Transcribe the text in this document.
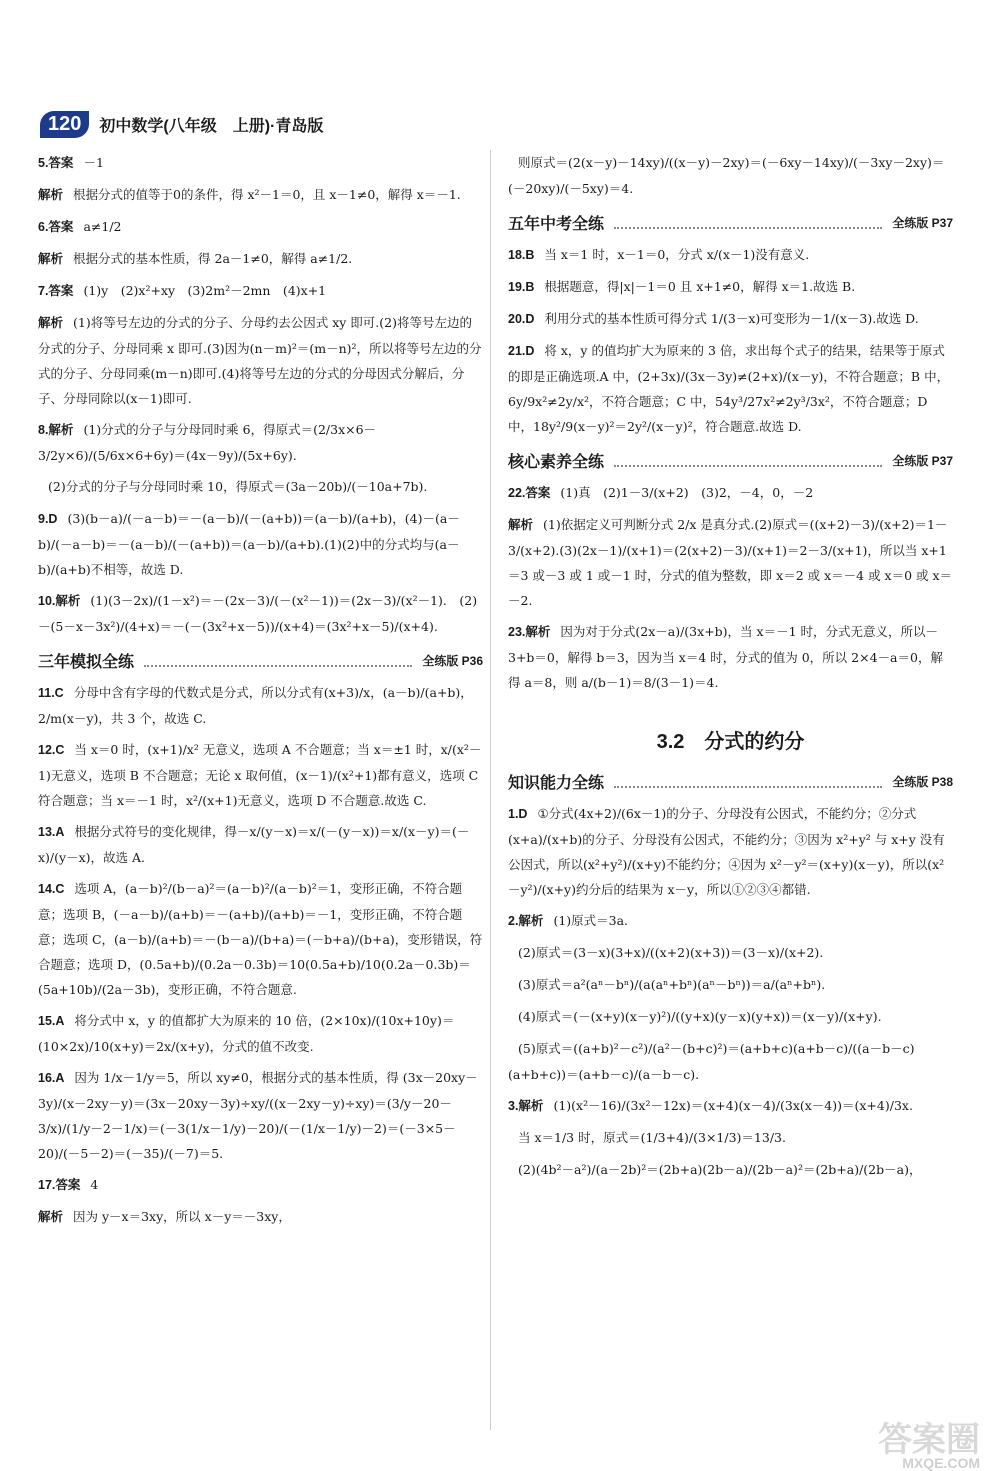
120	初中数学(八年级　上册)·青岛版
5.答案 －1
解析 根据分式的值等于0的条件，得 x²－1＝0，且 x－1≠0，解得 x＝－1.
6.答案 a≠1/2
解析 根据分式的基本性质，得 2a－1≠0，解得 a≠1/2.
7.答案 (1)y　(2)x²+xy　(3)2m²－2mn　(4)x+1
解析 (1)将等号左边的分式的分子、分母约去公因式 xy 即可.(2)将等号左边的分式的分子、分母同乘 x 即可.(3)因为(n－m)²＝(m－n)²，所以将等号左边的分式的分子、分母同乘(m－n)即可.(4)将等号左边的分式的分母因式分解后，分子、分母同除以(x－1)即可.
8.解析 (1)分式的分子与分母同时乘 6，得原式＝(2/3x×6－3/2y×6)/(5/6x×6+6y)＝(4x－9y)/(5x+6y).
(2)分式的分子与分母同时乘 10，得原式＝(3a－20b)/(－10a+7b).
9.D (3)(b－a)/(－a－b)＝－(a－b)/(－(a+b))＝(a－b)/(a+b)，(4)－(a－b)/(－a－b)＝－(a－b)/(－(a+b))＝(a－b)/(a+b).(1)(2)中的分式均与(a－b)/(a+b)不相等，故选 D.
10.解析 (1)(3－2x)/(1－x²)＝－(2x－3)/(－(x²－1))＝(2x－3)/(x²－1).　(2)－(5－x－3x²)/(4+x)＝－(－(3x²+x－5))/(x+4)＝(3x²+x－5)/(x+4).
三年模拟全练	全练版 P36
11.C 分母中含有字母的代数式是分式，所以分式有(x+3)/x，(a－b)/(a+b)，2/m(x－y)，共 3 个，故选 C.
12.C 当 x＝0 时，(x+1)/x² 无意义，选项 A 不合题意；当 x＝±1 时，x/(x²－1)无意义，选项 B 不合题意；无论 x 取何值，(x－1)/(x²+1)都有意义，选项 C 符合题意；当 x＝－1 时，x²/(x+1)无意义，选项 D 不合题意.故选 C.
13.A 根据分式符号的变化规律，得－x/(y－x)＝x/(－(y－x))＝x/(x－y)＝(－x)/(y－x)，故选 A.
14.C 选项 A，(a－b)²/(b－a)²＝(a－b)²/(a－b)²＝1，变形正确，不符合题意；选项 B，(－a－b)/(a+b)＝－(a+b)/(a+b)＝－1，变形正确，不符合题意；选项 C，(a－b)/(a+b)＝－(b－a)/(b+a)＝(－b+a)/(b+a)，变形错误，符合题意；选项 D，(0.5a+b)/(0.2a－0.3b)＝10(0.5a+b)/10(0.2a－0.3b)＝(5a+10b)/(2a－3b)，变形正确，不符合题意.
15.A 将分式中 x，y 的值都扩大为原来的 10 倍，(2×10x)/(10x+10y)＝(10×2x)/10(x+y)＝2x/(x+y)，分式的值不改变.
16.A 因为 1/x－1/y＝5，所以 xy≠0，根据分式的基本性质，得 (3x－20xy－3y)/(x－2xy－y)＝(3x－20xy－3y)÷xy/((x－2xy－y)÷xy)＝(3/y－20－3/x)/(1/y－2－1/x)＝(－3(1/x－1/y)－20)/(－(1/x－1/y)－2)＝(－3×5－20)/(－5－2)＝(－35)/(－7)＝5.
17.答案 4
解析 因为 y－x＝3xy，所以 x－y＝－3xy，
则原式＝(2(x－y)－14xy)/((x－y)－2xy)＝(－6xy－14xy)/(－3xy－2xy)＝(－20xy)/(－5xy)＝4.
五年中考全练	全练版 P37
18.B 当 x＝1 时，x－1＝0，分式 x/(x－1)没有意义.
19.B 根据题意，得|x|－1＝0 且 x+1≠0，解得 x＝1.故选 B.
20.D 利用分式的基本性质可得分式 1/(3－x)可变形为－1/(x－3).故选 D.
21.D 将 x，y 的值均扩大为原来的 3 倍，求出每个式子的结果，结果等于原式的即是正确选项.A 中，(2+3x)/(3x－3y)≠(2+x)/(x－y)，不符合题意；B 中，6y/9x²≠2y/x²，不符合题意；C 中，54y³/27x²≠2y³/3x²，不符合题意；D 中，18y²/9(x－y)²＝2y²/(x－y)²，符合题意.故选 D.
核心素养全练	全练版 P37
22.答案 (1)真　(2)1－3/(x+2)　(3)2，－4，0，－2
解析 (1)依据定义可判断分式 2/x 是真分式.(2)原式＝((x+2)－3)/(x+2)＝1－3/(x+2).(3)(2x－1)/(x+1)＝(2(x+2)－3)/(x+1)＝2－3/(x+1)，所以当 x+1＝3 或－3 或 1 或－1 时，分式的值为整数，即 x＝2 或 x＝－4 或 x＝0 或 x＝－2.
23.解析 因为对于分式(2x－a)/(3x+b)，当 x＝－1 时，分式无意义，所以－3+b＝0，解得 b＝3，因为当 x＝4 时，分式的值为 0，所以 2×4－a＝0，解得 a＝8，则 a/(b－1)＝8/(3－1)＝4.
3.2　分式的约分
知识能力全练	全练版 P38
1.D ①分式(4x+2)/(6x－1)的分子、分母没有公因式，不能约分；②分式(x+a)/(x+b)的分子、分母没有公因式，不能约分；③因为 x²+y² 与 x+y 没有公因式，所以(x²+y²)/(x+y)不能约分；④因为 x²－y²＝(x+y)(x－y)，所以(x²－y²)/(x+y)约分后的结果为 x－y，所以①②③④都错.
2.解析 (1)原式＝3a.
(2)原式＝(3－x)(3+x)/((x+2)(x+3))＝(3－x)/(x+2).
(3)原式＝a²(aⁿ－bⁿ)/(a(aⁿ+bⁿ)(aⁿ－bⁿ))＝a/(aⁿ+bⁿ).
(4)原式＝(－(x+y)(x－y)²)/((y+x)(y－x)(y+x))＝(x－y)/(x+y).
(5)原式＝((a+b)²－c²)/(a²－(b+c)²)＝(a+b+c)(a+b－c)/((a－b－c)(a+b+c))＝(a+b－c)/(a－b－c).
3.解析 (1)(x²－16)/(3x²－12x)＝(x+4)(x－4)/(3x(x－4))＝(x+4)/3x.
当 x＝1/3 时，原式＝(1/3+4)/(3×1/3)＝13/3.
(2)(4b²－a²)/(a－2b)²＝(2b+a)(2b－a)/(2b－a)²＝(2b+a)/(2b－a)，
答案圈
MXQE.COM
